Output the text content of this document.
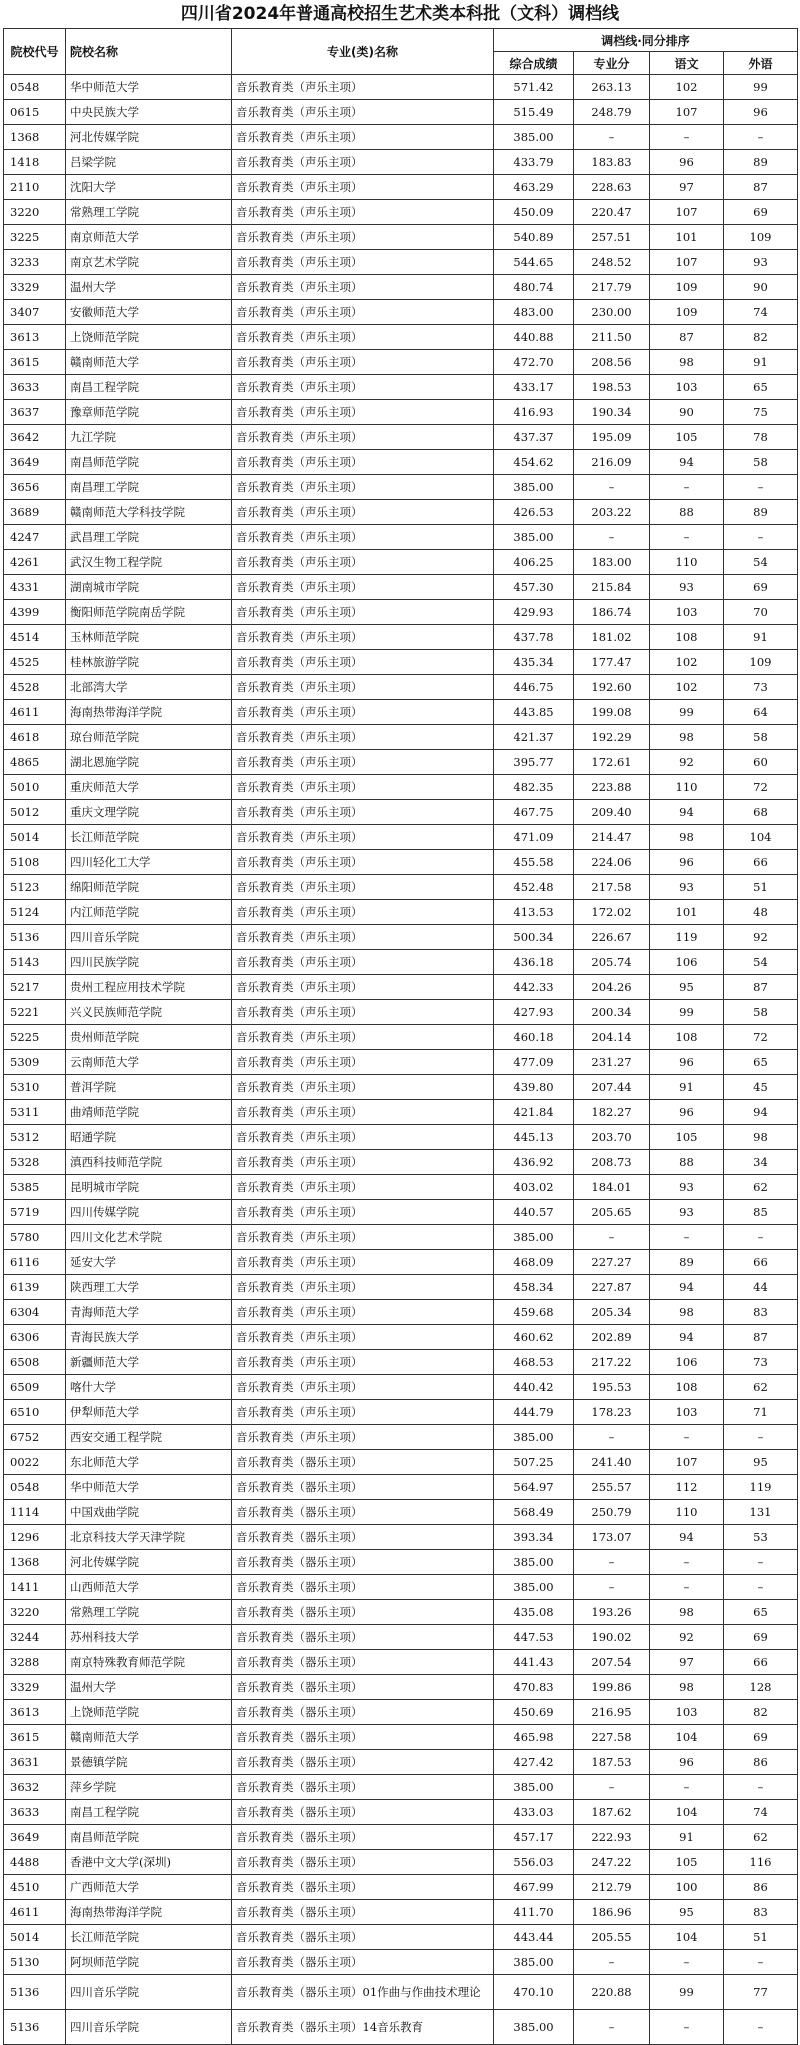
四川省2024年普通高校招生艺术类本科批（文科）调档线
院校代号	院校名称	专业(类)名称	调档线·同分排序			
			综合成绩	专业分	语文	外语
0548	华中师范大学	音乐教育类（声乐主项）	571.42	263.13	102	99
0615	中央民族大学	音乐教育类（声乐主项）	515.49	248.79	107	96
1368	河北传媒学院	音乐教育类（声乐主项）	385.00	–	–	–
1418	吕梁学院	音乐教育类（声乐主项）	433.79	183.83	96	89
2110	沈阳大学	音乐教育类（声乐主项）	463.29	228.63	97	87
3220	常熟理工学院	音乐教育类（声乐主项）	450.09	220.47	107	69
3225	南京师范大学	音乐教育类（声乐主项）	540.89	257.51	101	109
3233	南京艺术学院	音乐教育类（声乐主项）	544.65	248.52	107	93
3329	温州大学	音乐教育类（声乐主项）	480.74	217.79	109	90
3407	安徽师范大学	音乐教育类（声乐主项）	483.00	230.00	109	74
3613	上饶师范学院	音乐教育类（声乐主项）	440.88	211.50	87	82
3615	赣南师范大学	音乐教育类（声乐主项）	472.70	208.56	98	91
3633	南昌工程学院	音乐教育类（声乐主项）	433.17	198.53	103	65
3637	豫章师范学院	音乐教育类（声乐主项）	416.93	190.34	90	75
3642	九江学院	音乐教育类（声乐主项）	437.37	195.09	105	78
3649	南昌师范学院	音乐教育类（声乐主项）	454.62	216.09	94	58
3656	南昌理工学院	音乐教育类（声乐主项）	385.00	–	–	–
3689	赣南师范大学科技学院	音乐教育类（声乐主项）	426.53	203.22	88	89
4247	武昌理工学院	音乐教育类（声乐主项）	385.00	–	–	–
4261	武汉生物工程学院	音乐教育类（声乐主项）	406.25	183.00	110	54
4331	湖南城市学院	音乐教育类（声乐主项）	457.30	215.84	93	69
4399	衡阳师范学院南岳学院	音乐教育类（声乐主项）	429.93	186.74	103	70
4514	玉林师范学院	音乐教育类（声乐主项）	437.78	181.02	108	91
4525	桂林旅游学院	音乐教育类（声乐主项）	435.34	177.47	102	109
4528	北部湾大学	音乐教育类（声乐主项）	446.75	192.60	102	73
4611	海南热带海洋学院	音乐教育类（声乐主项）	443.85	199.08	99	64
4618	琼台师范学院	音乐教育类（声乐主项）	421.37	192.29	98	58
4865	湖北恩施学院	音乐教育类（声乐主项）	395.77	172.61	92	60
5010	重庆师范大学	音乐教育类（声乐主项）	482.35	223.88	110	72
5012	重庆文理学院	音乐教育类（声乐主项）	467.75	209.40	94	68
5014	长江师范学院	音乐教育类（声乐主项）	471.09	214.47	98	104
5108	四川轻化工大学	音乐教育类（声乐主项）	455.58	224.06	96	66
5123	绵阳师范学院	音乐教育类（声乐主项）	452.48	217.58	93	51
5124	内江师范学院	音乐教育类（声乐主项）	413.53	172.02	101	48
5136	四川音乐学院	音乐教育类（声乐主项）	500.34	226.67	119	92
5143	四川民族学院	音乐教育类（声乐主项）	436.18	205.74	106	54
5217	贵州工程应用技术学院	音乐教育类（声乐主项）	442.33	204.26	95	87
5221	兴义民族师范学院	音乐教育类（声乐主项）	427.93	200.34	99	58
5225	贵州师范学院	音乐教育类（声乐主项）	460.18	204.14	108	72
5309	云南师范大学	音乐教育类（声乐主项）	477.09	231.27	96	65
5310	普洱学院	音乐教育类（声乐主项）	439.80	207.44	91	45
5311	曲靖师范学院	音乐教育类（声乐主项）	421.84	182.27	96	94
5312	昭通学院	音乐教育类（声乐主项）	445.13	203.70	105	98
5328	滇西科技师范学院	音乐教育类（声乐主项）	436.92	208.73	88	34
5385	昆明城市学院	音乐教育类（声乐主项）	403.02	184.01	93	62
5719	四川传媒学院	音乐教育类（声乐主项）	440.57	205.65	93	85
5780	四川文化艺术学院	音乐教育类（声乐主项）	385.00	–	–	–
6116	延安大学	音乐教育类（声乐主项）	468.09	227.27	89	66
6139	陕西理工大学	音乐教育类（声乐主项）	458.34	227.87	94	44
6304	青海师范大学	音乐教育类（声乐主项）	459.68	205.34	98	83
6306	青海民族大学	音乐教育类（声乐主项）	460.62	202.89	94	87
6508	新疆师范大学	音乐教育类（声乐主项）	468.53	217.22	106	73
6509	喀什大学	音乐教育类（声乐主项）	440.42	195.53	108	62
6510	伊犁师范大学	音乐教育类（声乐主项）	444.79	178.23	103	71
6752	西安交通工程学院	音乐教育类（声乐主项）	385.00	–	–	–
0022	东北师范大学	音乐教育类（器乐主项）	507.25	241.40	107	95
0548	华中师范大学	音乐教育类（器乐主项）	564.97	255.57	112	119
1114	中国戏曲学院	音乐教育类（器乐主项）	568.49	250.79	110	131
1296	北京科技大学天津学院	音乐教育类（器乐主项）	393.34	173.07	94	53
1368	河北传媒学院	音乐教育类（器乐主项）	385.00	–	–	–
1411	山西师范大学	音乐教育类（器乐主项）	385.00	–	–	–
3220	常熟理工学院	音乐教育类（器乐主项）	435.08	193.26	98	65
3244	苏州科技大学	音乐教育类（器乐主项）	447.53	190.02	92	69
3288	南京特殊教育师范学院	音乐教育类（器乐主项）	441.43	207.54	97	66
3329	温州大学	音乐教育类（器乐主项）	470.83	199.86	98	128
3613	上饶师范学院	音乐教育类（器乐主项）	450.69	216.95	103	82
3615	赣南师范大学	音乐教育类（器乐主项）	465.98	227.58	104	69
3631	景德镇学院	音乐教育类（器乐主项）	427.42	187.53	96	86
3632	萍乡学院	音乐教育类（器乐主项）	385.00	–	–	–
3633	南昌工程学院	音乐教育类（器乐主项）	433.03	187.62	104	74
3649	南昌师范学院	音乐教育类（器乐主项）	457.17	222.93	91	62
4488	香港中文大学(深圳)	音乐教育类（器乐主项）	556.03	247.22	105	116
4510	广西师范大学	音乐教育类（器乐主项）	467.99	212.79	100	86
4611	海南热带海洋学院	音乐教育类（器乐主项）	411.70	186.96	95	83
5014	长江师范学院	音乐教育类（器乐主项）	443.44	205.55	104	51
5130	阿坝师范学院	音乐教育类（器乐主项）	385.00	–	–	–
5136	四川音乐学院	音乐教育类（器乐主项）01作曲与作曲技术理论	470.10	220.88	99	77
5136	四川音乐学院	音乐教育类（器乐主项）14音乐教育	385.00	–	–	–
